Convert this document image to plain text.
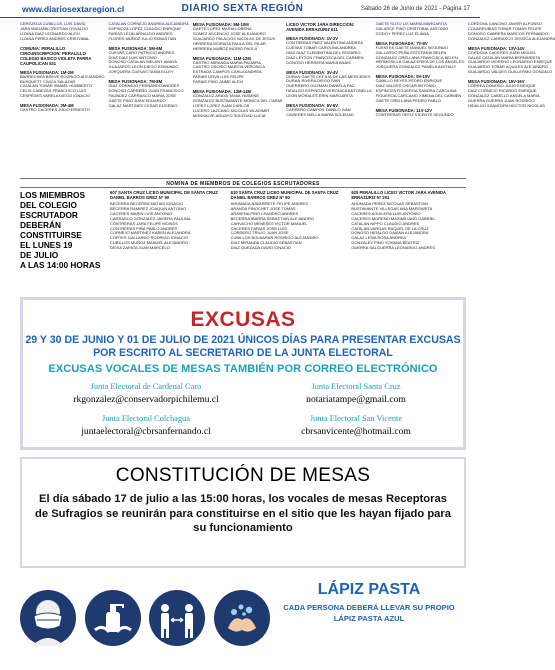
www.diariosextaregion.cl	DIARIO SEXTA REGIÓN	Sábado 26 de Junio de 2021 - Página 17
CEREZEDA CUBILLOS LUIS DAVID
JARA MAGAÑA CRISTIAN OSVALDO
LIZANA DIAZ LEONARDO ALEXI
LIZANA PEREZ ANDRES CRISTOBAL
COMUNA: PERALILLO CIRCUNSCRIPCION: PERALILLO COLEGIO BASICO VIOLETA PARRA CAUPOLICAN 531
MESA FUSIONADA: 1M-2M
BARRECHEA BREVE RODRIGO ALEJANDRO
BUSQUETT CIVICA SALAZAR
CATALAN TOBAR ISMAEL HUMBERTO
CELIS CABEZAS FRANCISCO LUIS
CESPEDES VARELA DIEGO IGNACIO
MESA FUSIONADA: 3M-4M
CASTRO CACERES JULIO ERNESTO
CATALAN CORNEJO ANDREA ALEJANDRA
ESPINOZA LOPEZ CLAUDIO ENRIQUE
FARIAS LEON ARNALDO ANDRES
FLORES MUÑOZ JULIO SEBASTIAN
MESA FUSIONADA: 5M-6M
CUEVAS CARO PATRICIO ANDRES
DIAZ DIAZ LUIS ANTONIO
DONOSO CATALAN MELANY AMAYA
GUAJARDO LEON DIEGO EDMUNDO
JORQUERA CUEVAS TANIA ELLEY
MESA FUSIONADA: 7M-8M
DIAZ CORNEJO FERNANDO ANDRES
DONOSO CARREÑO JUAN FRANCISCO
FAUNDEZ CARRASCO MARIA JOSE
GAETE PINO JUAN EDUARDO
GALAZ MARTINEZ CESAR EUGENIO
MESA FUSIONADA: 9M-10M
GAETE LOPEZ MARIA LORENA
GOMEZ ASCENCIO JOSE ALEJANDRO
GUAJARDO PALACIOS NICOLAS DE JESUS
HERRERA MORAGA PAULA DEL PILAR
HERRERA MUÑOZ INGRID PAOLA
MESA FUSIONADA: 11M-12M
CASTRO MIRANDA MARIA PALMIRA
CASTRO OSORIO MARCIA VERONICA
ESTRADA CAMPOS CARLA ANDREA
FARIAS LEIVA LUIS FELIPE
FARIAS PINO JAIME ALEXI
MESA FUSIONADA: 13M-14M
GONZALEZ ARAYA TANIA YASMINE
GONZALEZ BUSTAMANTE MONICA DEL CARMI
LOPEZ LOPEZ JUAN CARLOS
LUCERO LAZCANO NICOLAS WLADIMIR
MONSALVE AGUAYO SOLEDAD LUCIA
LICEO VICTOR JARA DIRECCION: AVENIDA ERRAZURIZ 611
MESA FUSIONADA: 1V-2V
CONTRERAS PAEZ VALENTINA ANDREA
CUEVAS TOBAR CAROLINA ANDREA
DIAZ DIAZ CLEMENTINA DEL ROSARIO
DIAZ LEYTON FRANCISCA DEL CARMEN
DONOSO HERRERA MARIA ANAIS
MESA FUSIONADA: 3V-4V
DURAN GAETE CECILIA DE LAS MERCEDES
DURAN RIVERA DIEGO IVAN
GUERRERO GUZMAN DANIELA PAZ
HIDALGO ESPINOZA VERONICA ANTONELLA
LEON MORALES ERIN MARGARITA
MESA FUSIONADA: 5V-6V
CARREÑO CAMPOS DANILO IVAN
CAVIERES MELLA MARIA SOLEDAD
GAETE SOTO LIS MARIA MARGARITA
GALARCE PINO CRISTOBAL ANTONIO
GODOY PEREZ LUZ ELIANA
MESA FUSIONADA: 7V-8V
FUENTES GAETE MANUEL SEGUNDO
GALLARDO PEÑA ESTEFANIA BELEN
GONZALEZ ORELLANA FRANCISCA BELEN
HERMOSILLA GALAZ ERIKA DE LOS ANGELES
JORQUERA GONZALEZ PAMELA ANTHALY
MESA FUSIONADA: 9V-10V
CUBILLO REYES PEDRO ENRIQUE
DIAZ VALDES OSCAR ANTONIO
ESPINOZA FIGUEROA SANDRA CAROLINA
FIGUEROA CARCAMO XIMENA DEL CARMEN
GAETE ORELLANA PEDRO PABLO
MESA FUSIONADA: 11V-12V
CONTRERAS ORTIZ VICENTE SEGUNDO
CORDOVA CANCINO JAVIER ALFONSO
COVARRUBIAS TOBAR TOMAS FELIPE
DONOSO CABRERA MARCOS FERNANDO
GONZALEZ CARRASCO JESSICA ALEJANDRA
MESA FUSIONADA: 13V-14V
CORDOVA CACERES JUAN MIGUEL
GALAZ CATALAN MARIA BERNARDITA
GUAJARDO MORENO LEONARDO ENRIQUE
GUAJARDO TOBAR AQUILES ALEJANDRO
GUAJARDO VALDES GUILLERMO GONZALO
MESA FUSIONADA: 15V-16V
CORREA DONOSO JULIO ENRIQUE
DIAZ CORNEJO RICARDO ENRIQUE
GONZALEZ CABELLO ANGELA MARIA
GUERRA GUERRA JUAN RODRIGO
HIDALGO SAAVEDRA HECTOR NICOLAS
NOMINA DE MIEMBROS DE COLEGIOS ESCRUTADORES
LOS MIEMBROS
DEL COLEGIO
ESCRUTADOR
DEBERÁN
CONSTITUIRSE
EL LUNES 19
DE JULIO
A LAS 14:00 HORAS
607 SANTA CRUZ LICEO MUNICIPAL DE SANTA CRUZ DANIEL BARROS GREZ Nº 90
BECERRA BECERRA MATIAS IGNACIO
BECERRA RAMIREZ JOAQUIN ANTONIO
CACERES MARIN LUIS ANTONIO
CARRASCO GONZALEZ JAVIERA PAULINA
CONTRERAS JARA FELIPE MOISES
CONTRERAS PIÑA PABLO ANDRES
CORNEJO MARTINEZ KAREN ALEJANDRA
CORTES GALLARDO RODRIGO IGNACIO
CUBILLOS MUÑOZ MANUEL ALEJANDRO
DEVIA ZAPATA JUAN MARCELO
610 SANTA CRUZ LICEO MUNICIPAL DE SANTA CRUZ DANIEL BARROS GREZ Nº 90
AHUMADA NAVARRETE FELIPE ANDRES
ARANDA PINOCHET JOSE TOMAS
ARAVENA PINO LEANDRO ANDRES
BECERRA IBARRA SEBASTIAN ALEJANDRO
CARVACHO MENESES VICTOR MANUEL
CACERES FARIAS JOSE LUIS
CORDERO TRUJO JUAN JOSE
CUBILLOS BOLBARAN RODRIGO ALEJANDRO
DIAZ MIRANDA CLAUDIO SEBASTIAN
DIAZ QUEZADA DAVID IGNACIO
625 PERALILLO LICEO VICTOR JARA AVENIDA ERRAZURIZ Nº 201
AHUMADA PEREZ NICOLAS SEBASTIAN
BUSTAMANTE VILLEGAS ANA MARGARITA
CACERES AGUILERA LUIS ANTONIO
CACERES MORENO MAXIMILIANO GABRIEL
CATALAN NIPPO CLAUDIO ANDRES
CATALAN VARGAS RAQUEL DE LA CRUZ
DONOSO HIDALGO DAIANA ALEJANDRA
GALAZ LEIVA ROSA ANDREA
GONZALEZ PINO YOHANA BEATRIZ
GUERRA SALGUERRA LEONARDO ANDRES
EXCUSAS
29 Y 30 DE JUNIO Y 01 DE JULIO DE 2021 ÚNICOS DÍAS PARA PRESENTAR EXCUSAS POR ESCRITO AL SECRETARIO DE LA JUNTA ELECTORAL
EXCUSAS VOCALES DE MESAS TAMBIÉN POR CORREO ELECTRÓNICO
Junta Electoral de Cardenal Caro
rkgonzalez@conservadorpichilemu.cl
Junta Electoral Santa Cruz
notariatampe@gmail.com
Junta Electoral Colchagua
juntaelectoral@cbrsanfernando.cl
Junta Electoral San Vicente
cbrsanvicente@hotmail.com
CONSTITUCIÓN DE MESAS
El día sábado 17 de julio a las 15:00 horas, los vocales de mesas Receptoras de Sufragios se reunirán para constituirse en el sitio que les hayan fijado para su funcionamiento
LÁPIZ PASTA
CADA PERSONA DEBERÁ LLEVAR SU PROPIO
LÁPIZ PASTA AZUL
